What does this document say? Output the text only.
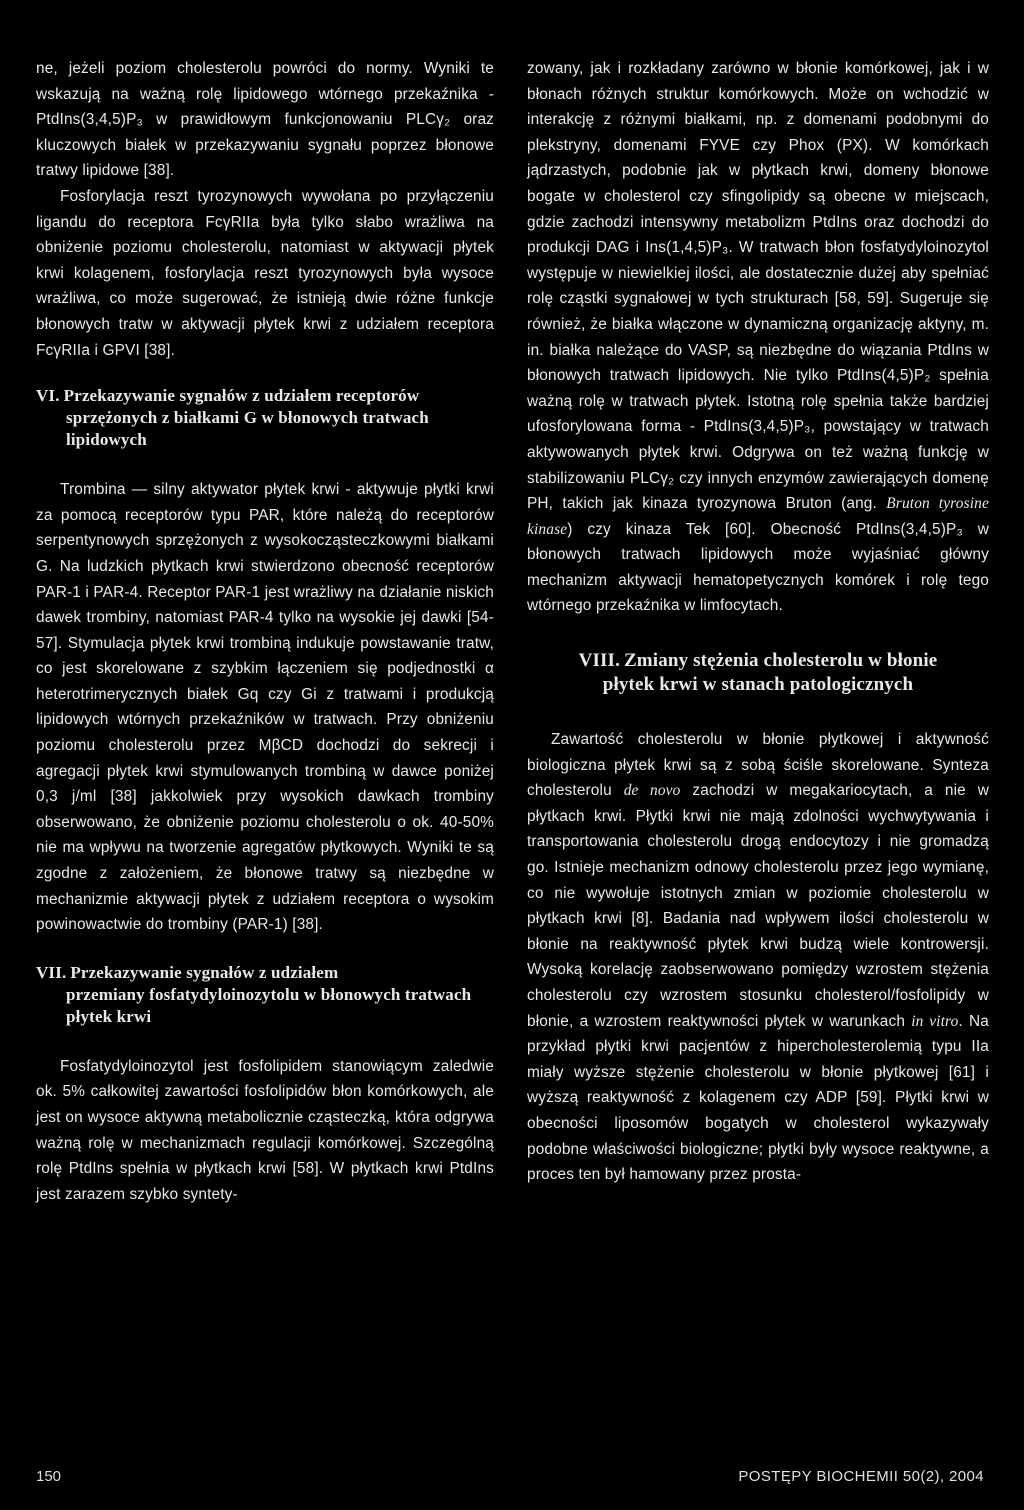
ne, jeżeli poziom cholesterolu powróci do normy. Wyniki te wskazują na ważną rolę lipidowego wtórnego przekaźnika - PtdIns(3,4,5)P₃ w prawidłowym funkcjonowaniu PLCγ₂ oraz kluczowych białek w przekazywaniu sygnału poprzez błonowe tratwy lipidowe [38].

Fosforylacja reszt tyrozynowych wywołana po przyłączeniu ligandu do receptora FcγRIIa była tylko słabo wrażliwa na obniżenie poziomu cholesterolu, natomiast w aktywacji płytek krwi kolagenem, fosforylacja reszt tyrozynowych była wysoce wrażliwa, co może sugerować, że istnieją dwie różne funkcje błonowych tratw w aktywacji płytek krwi z udziałem receptora FcγRIIa i GPVI [38].

VI. Przekazywanie sygnałów z udziałem receptorów
sprzężonych z białkami G w błonowych tratwach lipidowych

Trombina — silny aktywator płytek krwi - aktywuje płytki krwi za pomocą receptorów typu PAR, które należą do receptorów serpentynowych sprzężonych z wysokocząsteczkowymi białkami G. Na ludzkich płytkach krwi stwierdzono obecność receptorów PAR-1 i PAR-4. Receptor PAR-1 jest wrażliwy na działanie niskich dawek trombiny, natomiast PAR-4 tylko na wysokie jej dawki [54-57]. Stymulacja płytek krwi trombiną indukuje powstawanie tratw, co jest skorelowane z szybkim łączeniem się podjednostki α heterotrimerycznych białek Gq czy Gi z tratwami i produkcją lipidowych wtórnych przekaźników w tratwach. Przy obniżeniu poziomu cholesterolu przez MβCD dochodzi do sekrecji i agregacji płytek krwi stymulowanych trombiną w dawce poniżej 0,3 j/ml [38] jakkolwiek przy wysokich dawkach trombiny obserwowano, że obniżenie poziomu cholesterolu o ok. 40-50% nie ma wpływu na tworzenie agregatów płytkowych. Wyniki te są zgodne z założeniem, że błonowe tratwy są niezbędne w mechanizmie aktywacji płytek z udziałem receptora o wysokim powinowactwie do trombiny (PAR-1) [38].

VII. Przekazywanie sygnałów z udziałem
przemiany fosfatydyloinozytolu w błonowych tratwach płytek krwi

Fosfatydyloinozytol jest fosfolipidem stanowiącym zaledwie ok. 5% całkowitej zawartości fosfolipidów błon komórkowych, ale jest on wysoce aktywną metabolicznie cząsteczką, która odgrywa ważną rolę w mechanizmach regulacji komórkowej. Szczególną rolę PtdIns spełnia w płytkach krwi [58]. W płytkach krwi PtdIns jest zarazem szybko syntety-

zowany, jak i rozkładany zarówno w błonie komórkowej, jak i w błonach różnych struktur komórkowych. Może on wchodzić w interakcję z różnymi białkami, np. z domenami podobnymi do plekstryny, domenami FYVE czy Phox (PX). W komórkach jądrzastych, podobnie jak w płytkach krwi, domeny błonowe bogate w cholesterol czy sfingolipidy są obecne w miejscach, gdzie zachodzi intensywny metabolizm PtdIns oraz dochodzi do produkcji DAG i Ins(1,4,5)P₃. W tratwach błon fosfatydyloinozytol występuje w niewielkiej ilości, ale dostatecznie dużej aby spełniać rolę cząstki sygnałowej w tych strukturach [58, 59]. Sugeruje się również, że białka włączone w dynamiczną organizację aktyny, m. in. białka należące do VASP, są niezbędne do wiązania PtdIns w błonowych tratwach lipidowych. Nie tylko PtdIns(4,5)P₂ spełnia ważną rolę w tratwach płytek. Istotną rolę spełnia także bardziej ufosforylowana forma - PtdIns(3,4,5)P₃, powstający w tratwach aktywowanych płytek krwi. Odgrywa on też ważną funkcję w stabilizowaniu PLCγ₂ czy innych enzymów zawierających domenę PH, takich jak kinaza tyrozynowa Bruton (ang. Bruton tyrosine kinase) czy kinaza Tek [60]. Obecność PtdIns(3,4,5)P₃ w błonowych tratwach lipidowych może wyjaśniać główny mechanizm aktywacji hematopetycznych komórek i rolę tego wtórnego przekaźnika w limfocytach.

VIII. Zmiany stężenia cholesterolu w błonie
płytek krwi w stanach patologicznych

Zawartość cholesterolu w błonie płytkowej i aktywność biologiczna płytek krwi są z sobą ściśle skorelowane. Synteza cholesterolu de novo zachodzi w megakariocytach, a nie w płytkach krwi. Płytki krwi nie mają zdolności wychwytywania i transportowania cholesterolu drogą endocytozy i nie gromadzą go. Istnieje mechanizm odnowy cholesterolu przez jego wymianę, co nie wywołuje istotnych zmian w poziomie cholesterolu w płytkach krwi [8]. Badania nad wpływem ilości cholesterolu w błonie na reaktywność płytek krwi budzą wiele kontrowersji. Wysoką korelację zaobserwowano pomiędzy wzrostem stężenia cholesterolu czy wzrostem stosunku cholesterol/fosfolipidy w błonie, a wzrostem reaktywności płytek w warunkach in vitro. Na przykład płytki krwi pacjentów z hipercholesterolemią typu IIa miały wyższe stężenie cholesterolu w błonie płytkowej [61] i wyższą reaktywność z kolagenem czy ADP [59]. Płytki krwi w obecności liposomów bogatych w cholesterol wykazywały podobne właściwości biologiczne; płytki były wysoce reaktywne, a proces ten był hamowany przez prosta-

150	POSTĘPY BIOCHEMII 50(2), 2004
